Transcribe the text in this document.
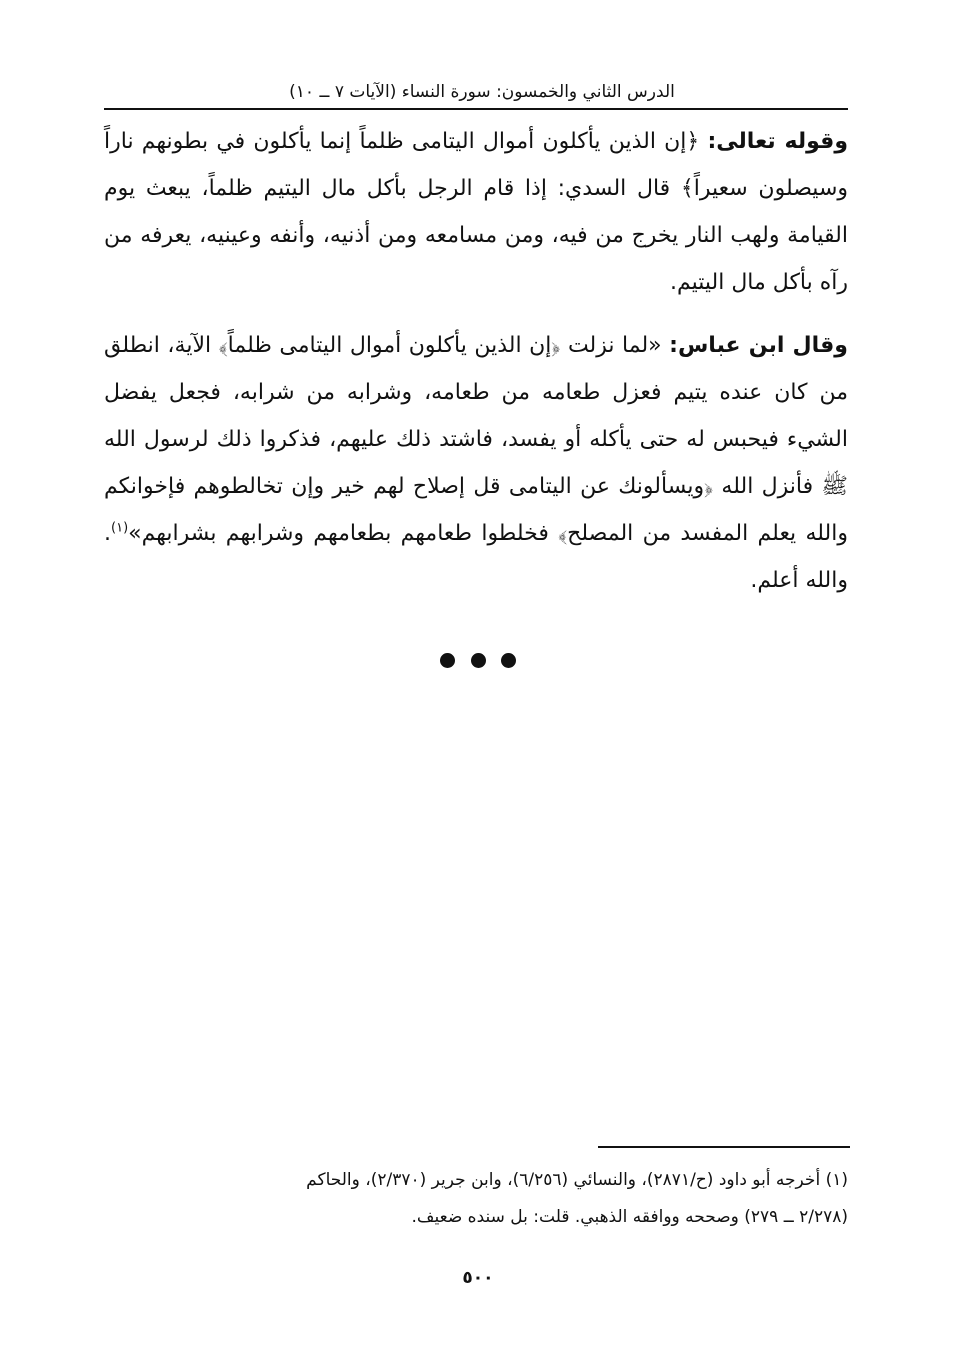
الدرس الثاني والخمسون: سورة النساء (الآيات ٧ ــ ١٠)

وقوله تعالى: ﴿إن الذين يأكلون أموال اليتامى ظلماً إنما يأكلون في بطونهم ناراً وسيصلون سعيراً﴾ قال السدي: إذا قام الرجل بأكل مال اليتيم ظلماً، يبعث يوم القيامة ولهب النار يخرج من فيه، ومن مسامعه ومن أذنيه، وأنفه وعينيه، يعرفه من رآه بأكل مال اليتيم.

وقال ابن عباس: «لما نزلت ﴿إن الذين يأكلون أموال اليتامى ظلماً﴾ الآية، انطلق من كان عنده يتيم فعزل طعامه من طعامه، وشرابه من شرابه، فجعل يفضل الشيء فيحبس له حتى يأكله أو يفسد، فاشتد ذلك عليهم، فذكروا ذلك لرسول الله ﷺ فأنزل الله ﴿ويسألونك عن اليتامى قل إصلاح لهم خير وإن تخالطوهم فإخوانكم والله يعلم المفسد من المصلح﴾ فخلطوا طعامهم بطعامهم وشرابهم بشرابهم»$^{(١)}$. والله أعلم.

(١) أخرجه أبو داود (ح/٢٨٧١)، والنسائي (٦/٢٥٦)، وابن جرير (٢/٣٧٠)، والحاكم

(٢/٢٧٨ ــ ٢٧٩) وصححه ووافقه الذهبي. قلت: بل سنده ضعيف.

٥٠٠
